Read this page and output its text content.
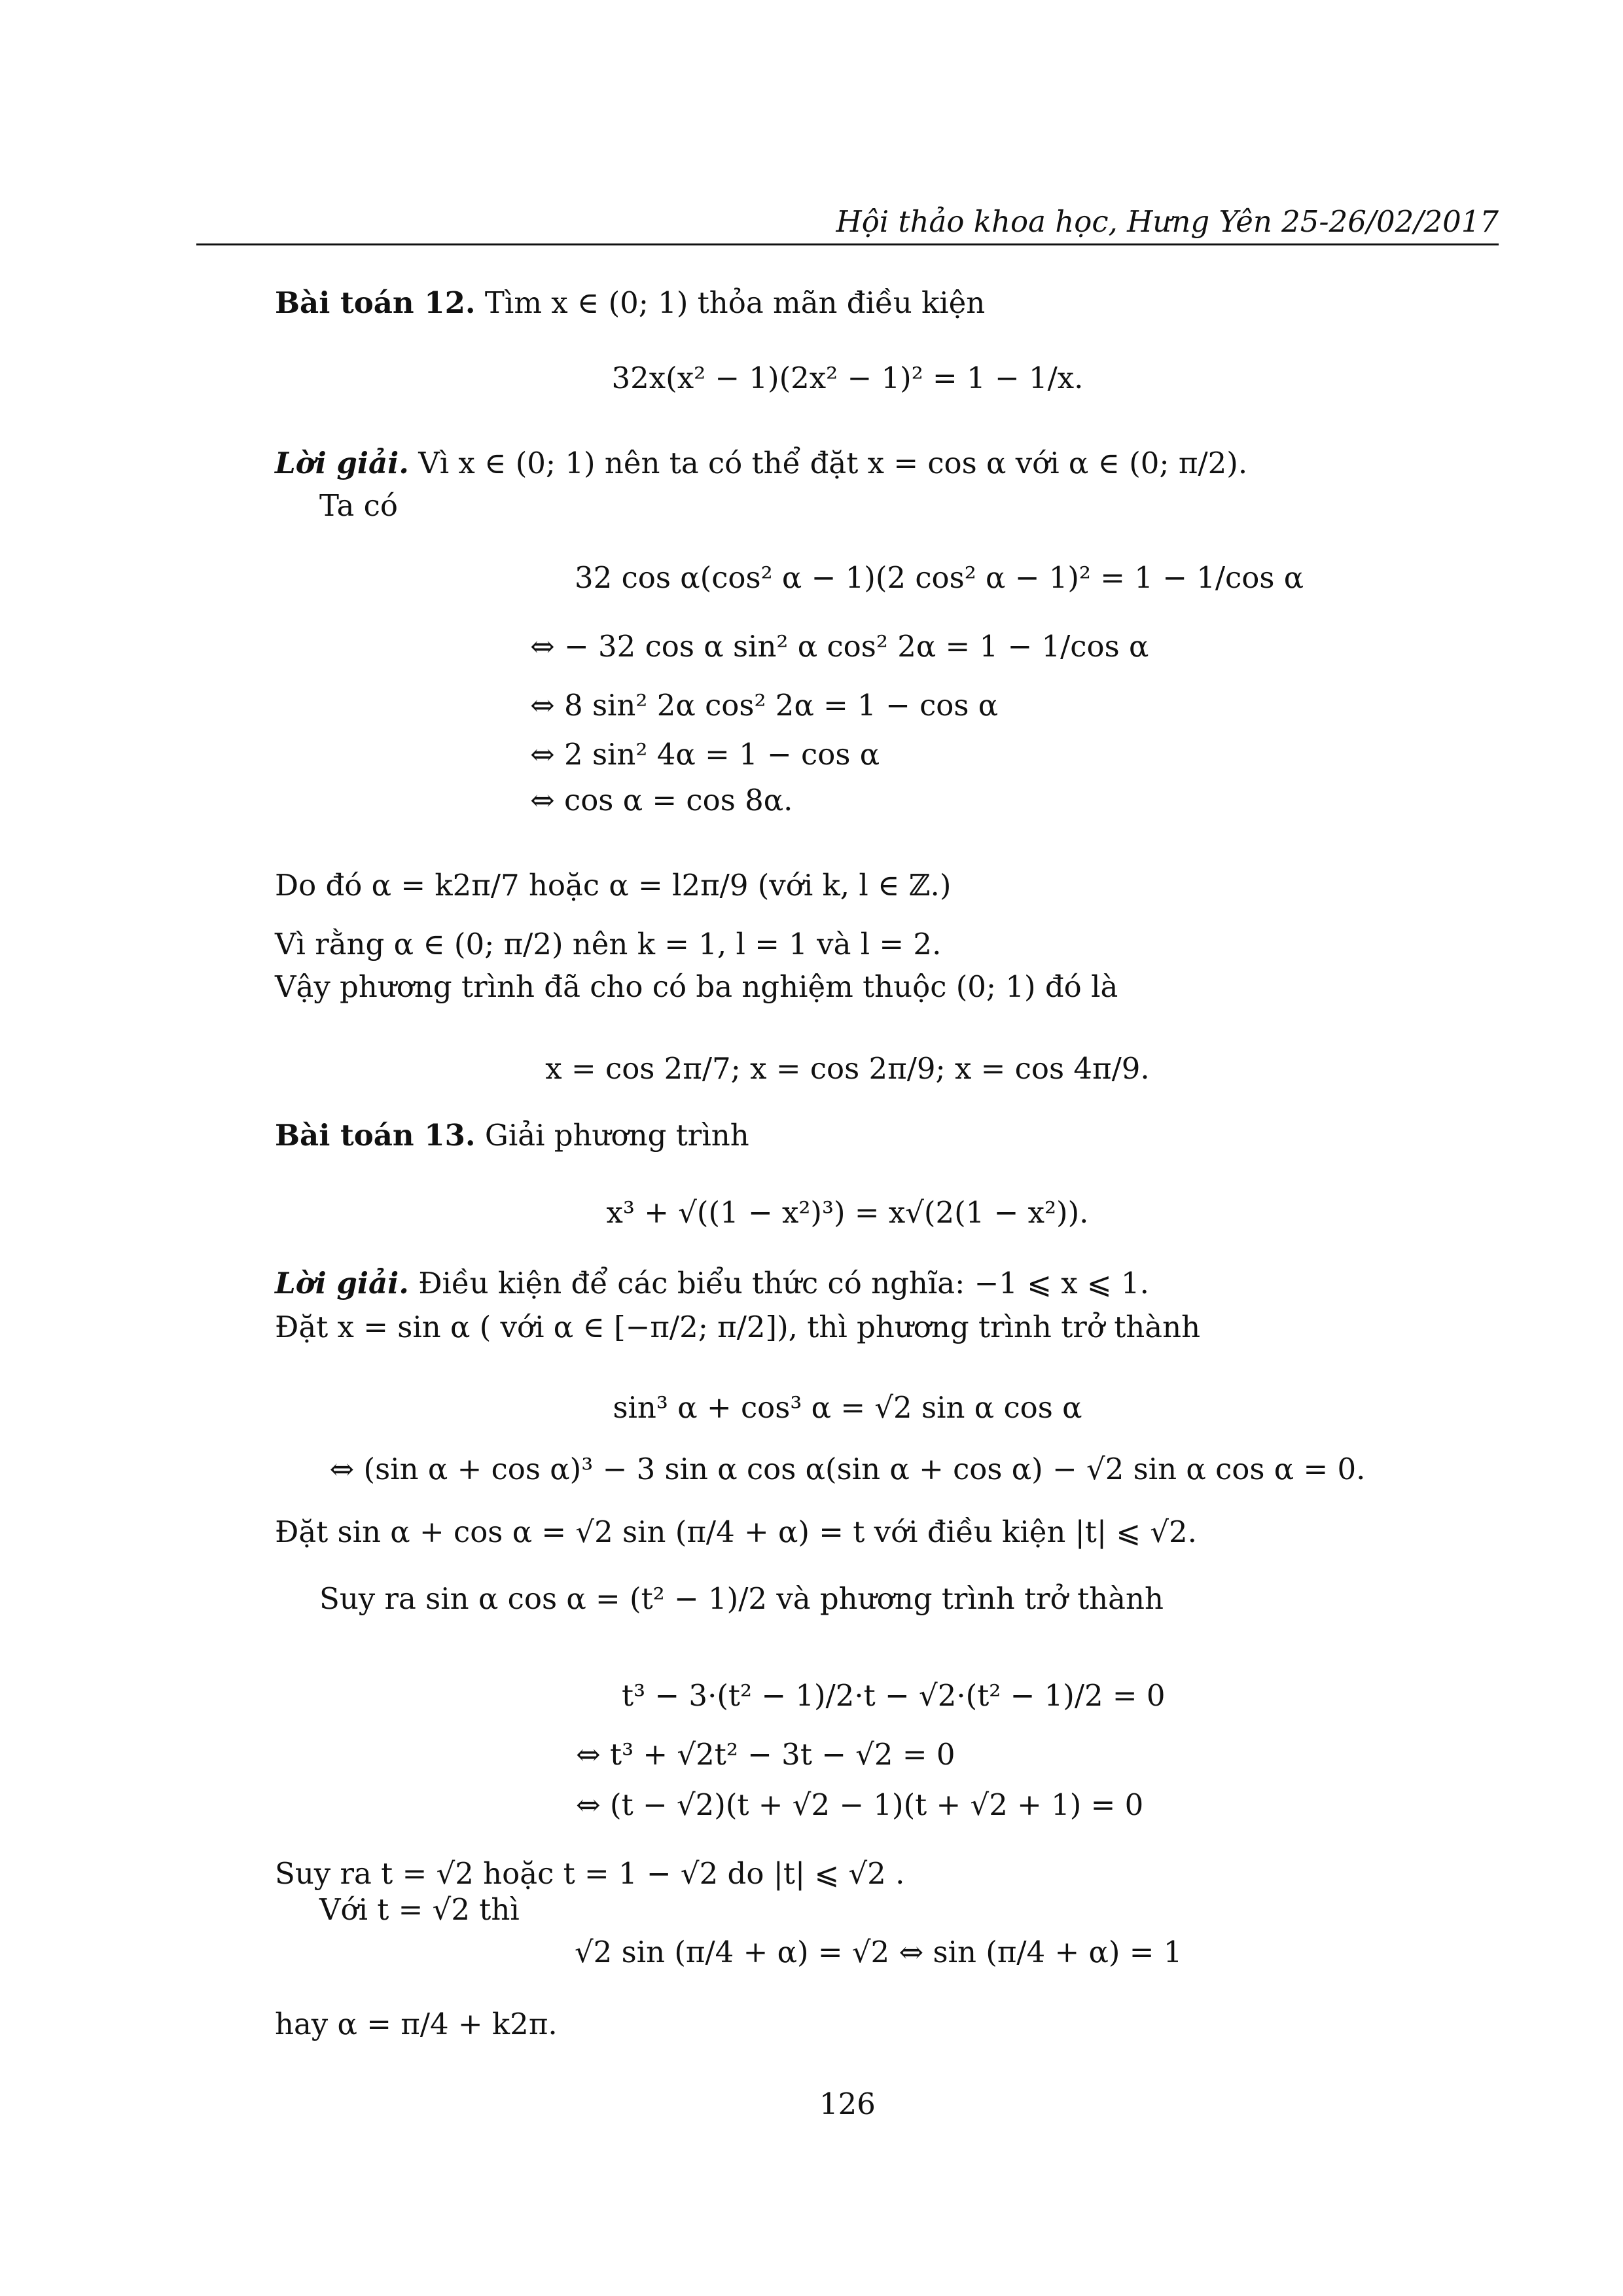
Hội thảo khoa học, Hưng Yên 25-26/02/2017
Bài toán 12. Tìm x ∈ (0; 1) thỏa mãn điều kiện
32x(x² − 1)(2x² − 1)² = 1 − 1/x.
Lời giải. Vì x ∈ (0; 1) nên ta có thể đặt x = cos α với α ∈ (0; π/2).
Ta có
32 cos α(cos² α − 1)(2 cos² α − 1)² = 1 − 1/cos α
⇔ − 32 cos α sin² α cos² 2α = 1 − 1/cos α
⇔ 8 sin² 2α cos² 2α = 1 − cos α
⇔ 2 sin² 4α = 1 − cos α
⇔ cos α = cos 8α.
Do đó α = k2π/7 hoặc α = l2π/9 (với k, l ∈ ℤ.)
Vì rằng α ∈ (0; π/2) nên k = 1, l = 1 và l = 2.
Vậy phương trình đã cho có ba nghiệm thuộc (0; 1) đó là
x = cos 2π/7; x = cos 2π/9; x = cos 4π/9.
Bài toán 13. Giải phương trình
x³ + √((1 − x²)³) = x√(2(1 − x²)).
Lời giải. Điều kiện để các biểu thức có nghĩa: −1 ⩽ x ⩽ 1.
Đặt x = sin α ( với α ∈ [−π/2; π/2]), thì phương trình trở thành
sin³ α + cos³ α = √2 sin α cos α
⇔ (sin α + cos α)³ − 3 sin α cos α(sin α + cos α) − √2 sin α cos α = 0.
Đặt sin α + cos α = √2 sin (π/4 + α) = t với điều kiện |t| ⩽ √2.
Suy ra sin α cos α = (t² − 1)/2 và phương trình trở thành
t³ − 3·(t² − 1)/2·t − √2·(t² − 1)/2 = 0
⇔ t³ + √2t² − 3t − √2 = 0
⇔ (t − √2)(t + √2 − 1)(t + √2 + 1) = 0
Suy ra t = √2 hoặc t = 1 − √2 do |t| ⩽ √2 .
Với t = √2 thì
√2 sin (π/4 + α) = √2 ⇔ sin (π/4 + α) = 1
hay α = π/4 + k2π.
126
